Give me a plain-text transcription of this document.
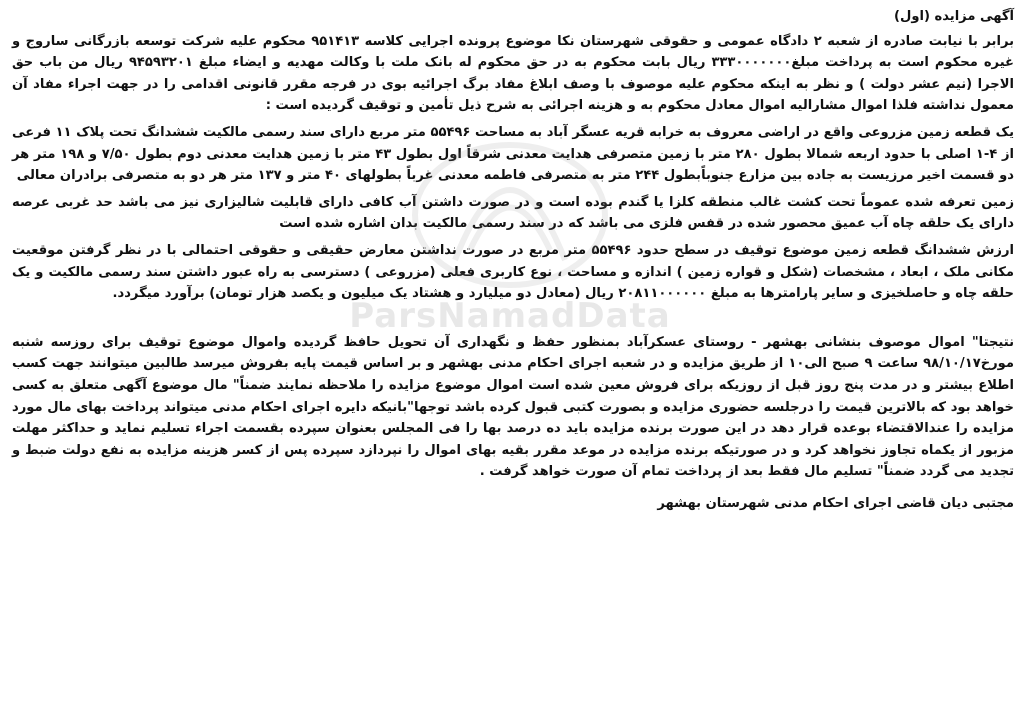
آگهی مزایده (اول)
برابر با نیابت صادره از شعبه ۲ دادگاه عمومی و حقوقی شهرستان نکا موضوع پرونده اجرایی کلاسه ۹۵۱۴۱۳ محکوم علیه شرکت توسعه بازرگانی ساروج و غیره محکوم است به پرداخت مبلغ۳۳۳۰۰۰۰۰۰۰ ریال بابت محکوم به در حق محکوم له بانک ملت با وکالت مهدیه و ایضاء مبلغ ۹۴۵۹۳۲۰۱ ریال من باب حق الاجرا (نیم عشر دولت ) و نظر به اینکه محکوم علیه موصوف با وصف ابلاغ مفاد برگ اجرائیه بوی در فرجه مقرر قانونی اقدامی را در جهت اجراء مفاد آن معمول نداشته فلذا اموال مشارالیه اموال معادل محکوم به و هزینه اجرائی به شرح ذیل تأمین و توقیف گردیده است :
یک قطعه زمین مزروعی واقع در اراضی معروف به خرابه قریه عسگر آباد به مساحت ۵۵۴۹۶ متر مربع دارای سند رسمی مالکیت ششدانگ تحت پلاک ۱۱ فرعی از ۴-۱ اصلی با حدود اربعه شمالا بطول ۲۸۰ متر با زمین متصرفی هدایت معدنی شرقاً اول بطول ۴۳ متر با زمین هدایت معدنی دوم بطول ۷/۵۰ و ۱۹۸ متر هر دو قسمت اخیر مرزیست به جاده بین مزارع جنوباًبطول ۲۴۴ متر به متصرفی فاطمه معدنی غرباً بطولهای ۴۰ متر و ۱۳۷ متر هر دو به متصرفی برادران معالی
زمین تعرفه شده عموماً تحت کشت غالب منطقه کلزا یا گندم بوده است و در صورت داشتن آب کافی دارای قابلیت شالیزاری نیز می باشد حد غربی عرصه دارای یک حلقه چاه آب عمیق محصور شده در قفس فلزی می باشد که در سند رسمی مالکیت بدان اشاره شده است
ارزش ششدانگ قطعه زمین موضوع توقیف در سطح حدود ۵۵۴۹۶ متر مربع در صورت نداشتن معارض حقیقی و حقوقی احتمالی با در نظر گرفتن موقعیت مکانی ملک ، ابعاد ، مشخصات (شکل و قواره زمین ) اندازه و مساحت ، نوع کاربری فعلی (مزروعی ) دسترسی به راه عبور داشتن سند رسمی مالکیت و یک حلقه چاه و حاصلخیزی و سایر پارامترها به مبلغ ۲۰۸۱۱۰۰۰۰۰۰ ریال (معادل دو میلیارد و هشتاد یک میلیون و یکصد هزار تومان) برآورد میگردد.
نتیجتا" اموال موصوف بنشانی بهشهر - روستای عسکرآباد بمنظور حفظ و نگهداری آن تحویل حافظ گردیده واموال موضوع توقیف برای روزسه شنبه مورخ۹۸/۱۰/۱۷ ساعت ۹ صبح الی۱۰ از طریق مزایده و در شعبه اجرای احکام مدنی بهشهر و بر اساس قیمت پایه بفروش میرسد طالبین میتوانند جهت کسب اطلاع بیشتر و در مدت پنج روز قبل از روزیکه برای فروش معین شده است اموال موضوع مزایده را ملاحظه نمایند ضمناً" مال موضوع آگهی متعلق به کسی خواهد بود که بالاترین قیمت را درجلسه حضوری مزایده و بصورت کتبی قبول کرده باشد توجها"بانیکه دایره اجرای احکام مدنی میتواند پرداخت بهای مال مورد مزایده را عندالاقتضاء بوعده قرار دهد در این صورت برنده مزایده باید ده درصد بها را فی المجلس بعنوان سپرده بقسمت اجراء تسلیم نماید و حداکثر مهلت مزبور از یکماه تجاوز نخواهد کرد و در صورتیکه برنده مزایده در موعد مقرر بقیه بهای اموال را نپردازد سپرده پس از کسر هزینه مزایده به نفع دولت ضبط و تجدید می گردد ضمناً" تسلیم مال فقط بعد از پرداخت تمام آن صورت خواهد گرفت .
مجتبی دیان قاضی اجرای احکام مدنی شهرستان بهشهر
ParsNamadData
